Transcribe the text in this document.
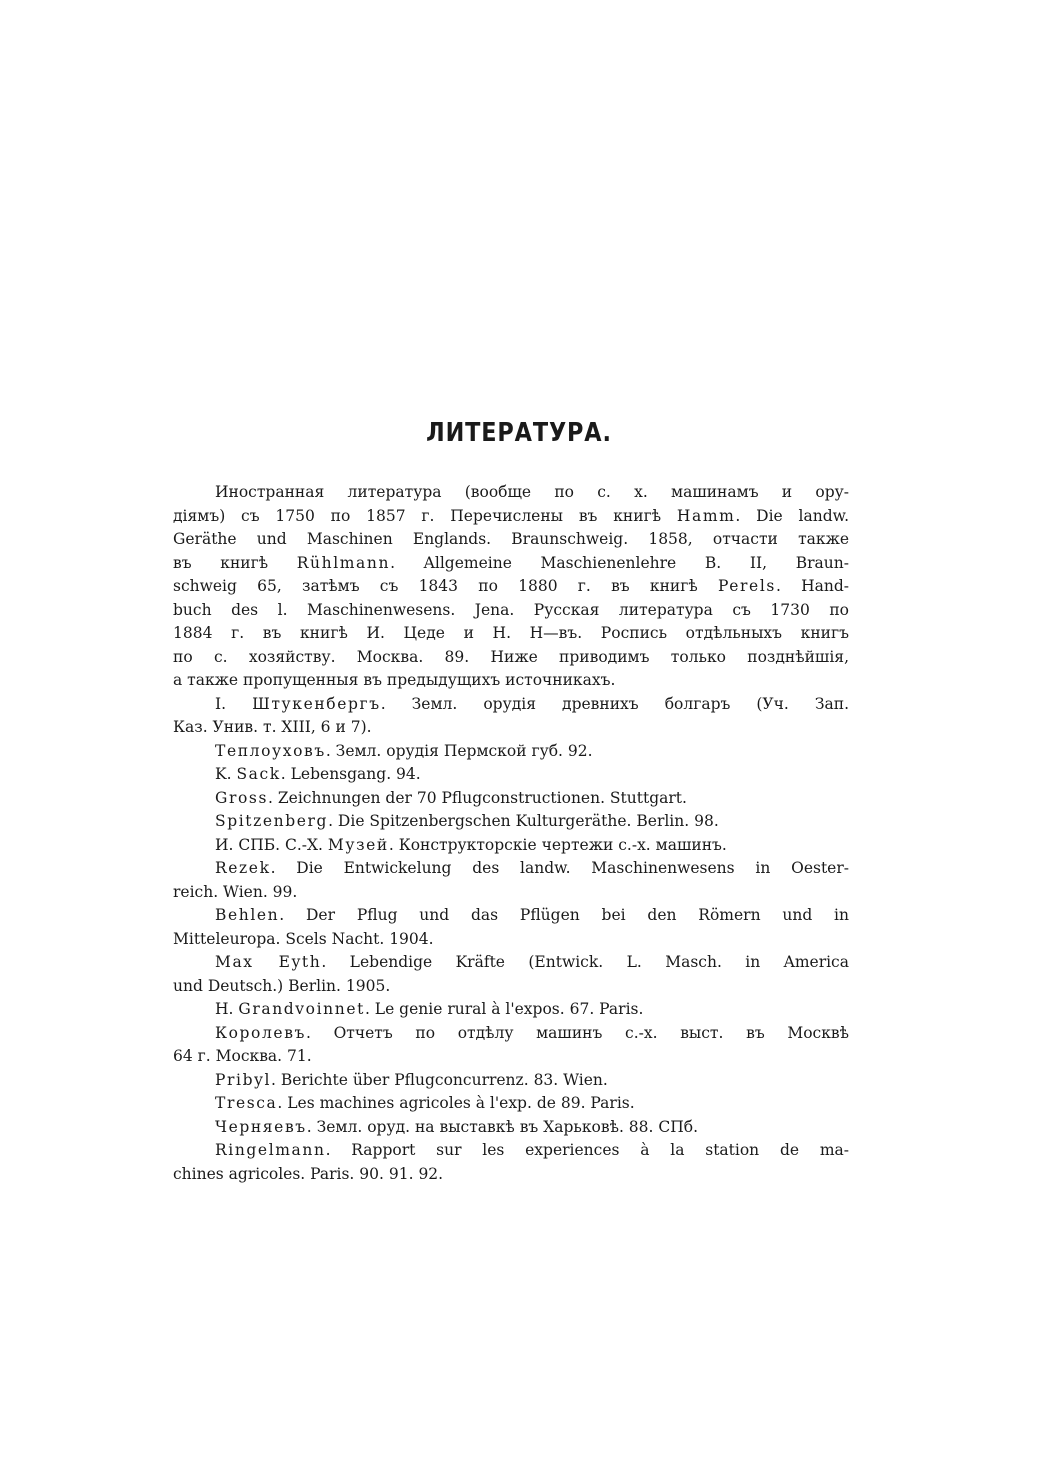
ЛИТЕРАТУРА.
Иностранная литература (вообще по с. х. машинамъ и ору-
діямъ) съ 1750 по 1857 г. Перечислены въ книгѣ Hamm. Die landw.
Geräthe und Maschinen Englands. Braunschweig. 1858, отчасти также
въ книгѣ Rühlmann. Allgemeine Maschienenlehre B. II, Braun-
schweig 65, затѣмъ съ 1843 по 1880 г. въ книгѣ Perels. Hand-
buch des l. Maschinenwesens. Jena. Русская литература съ 1730 по
1884 г. въ книгѣ И. Цеде и Н. Н—въ. Роспись отдѣльныхъ книгъ
по с. хозяйству. Москва. 89. Ниже приводимъ только позднѣйшія,
а также пропущенныя въ предыдущихъ источникахъ.
I. Штукенбергъ. Земл. орудія древнихъ болгаръ (Уч. Зап.
Каз. Унив. т. XIII, 6 и 7).
Теплоуховъ. Земл. орудія Пермской губ. 92.
K. Sack. Lebensgang. 94.
Gross. Zeichnungen der 70 Pflugconstructionen. Stuttgart.
Spitzenberg. Die Spitzenbergschen Kulturgeräthe. Berlin. 98.
И. СПБ. С.-Х. Музей. Конструкторскіе чертежи с.-х. машинъ.
Rezek. Die Entwickelung des landw. Maschinenwesens in Oester-
reich. Wien. 99.
Behlen. Der Pflug und das Pflügen bei den Römern und in
Mitteleuropa. Scels Nacht. 1904.
Max Eyth. Lebendige Kräfte (Entwick. L. Masch. in America
und Deutsch.) Berlin. 1905.
H. Grandvoinnet. Le genie rural à l'expos. 67. Paris.
Королевъ. Отчетъ по отдѣлу машинъ с.-х. выст. въ Москвѣ
64 г. Москва. 71.
Pribyl. Berichte über Pflugconcurrenz. 83. Wien.
Tresca. Les machines agricoles à l'exp. de 89. Paris.
Черняевъ. Земл. оруд. на выставкѣ въ Харьковѣ. 88. СПб.
Ringelmann. Rapport sur les experiences à la station de ma-
chines agricoles. Paris. 90. 91. 92.
